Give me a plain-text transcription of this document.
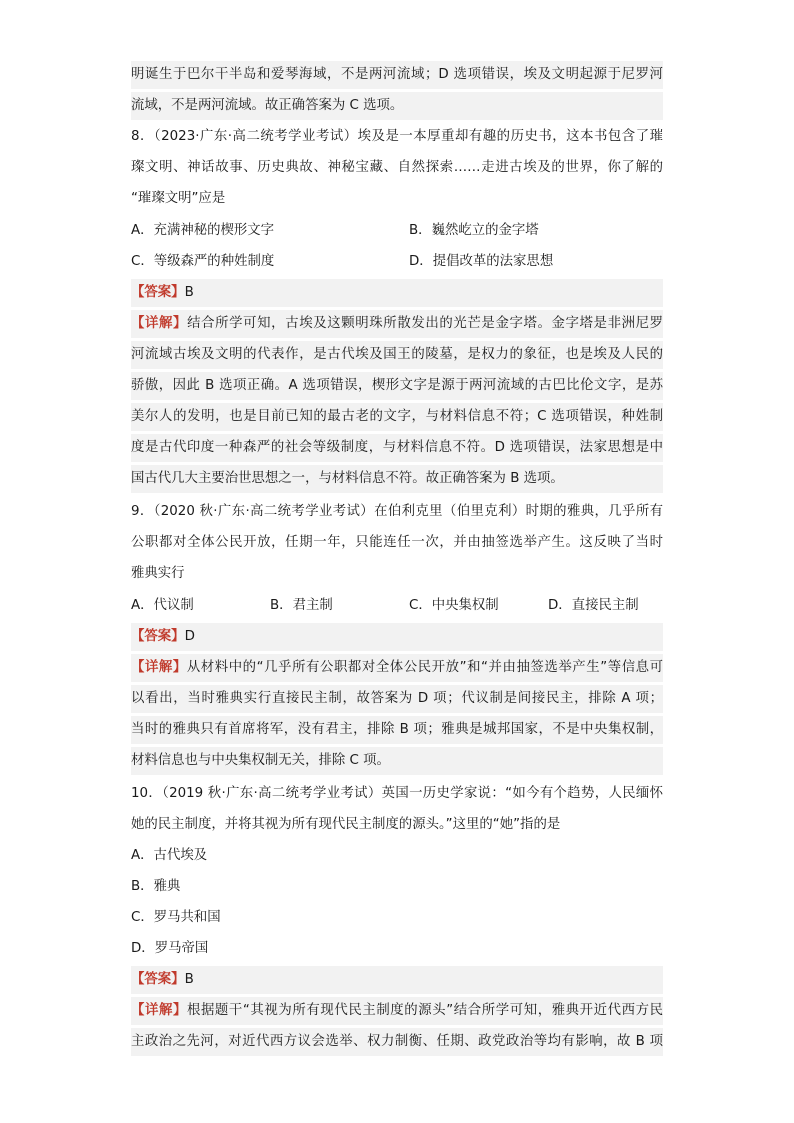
明诞生于巴尔干半岛和爱琴海域，不是两河流域；D 选项错误，埃及文明起源于尼罗河
流域，不是两河流域。故正确答案为 C 选项。
8．（2023·广东·高二统考学业考试）埃及是一本厚重却有趣的历史书，这本书包含了璀
璨文明、神话故事、历史典故、神秘宝藏、自然探索……走进古埃及的世界，你了解的
“璀璨文明”应是
A．充满神秘的楔形文字	B．巍然屹立的金字塔
C．等级森严的种姓制度	D．提倡改革的法家思想
【答案】B
【详解】结合所学可知，古埃及这颗明珠所散发出的光芒是金字塔。金字塔是非洲尼罗
河流域古埃及文明的代表作，是古代埃及国王的陵墓，是权力的象征，也是埃及人民的
骄傲，因此 B 选项正确。A 选项错误，楔形文字是源于两河流域的古巴比伦文字，是苏
美尔人的发明，也是目前已知的最古老的文字，与材料信息不符；C 选项错误，种姓制
度是古代印度一种森严的社会等级制度，与材料信息不符。D 选项错误，法家思想是中
国古代几大主要治世思想之一，与材料信息不符。故正确答案为 B 选项。
9．（2020 秋·广东·高二统考学业考试）在伯利克里（伯里克利）时期的雅典，几乎所有
公职都对全体公民开放，任期一年，只能连任一次，并由抽签选举产生。这反映了当时
雅典实行
A．代议制	B．君主制	C．中央集权制	D．直接民主制
【答案】D
【详解】从材料中的“几乎所有公职都对全体公民开放”和“并由抽签选举产生”等信息可
以看出，当时雅典实行直接民主制，故答案为 D 项；代议制是间接民主，排除 A 项；
当时的雅典只有首席将军，没有君主，排除 B 项；雅典是城邦国家，不是中央集权制，
材料信息也与中央集权制无关，排除 C 项。
10．（2019 秋·广东·高二统考学业考试）英国一历史学家说：“如今有个趋势，人民缅怀
她的民主制度，并将其视为所有现代民主制度的源头。”这里的“她”指的是
A．古代埃及
B．雅典
C．罗马共和国
D．罗马帝国
【答案】B
【详解】根据题干“其视为所有现代民主制度的源头”结合所学可知，雅典开近代西方民
主政治之先河，对近代西方议会选举、权力制衡、任期、政党政治等均有影响，故 B 项
